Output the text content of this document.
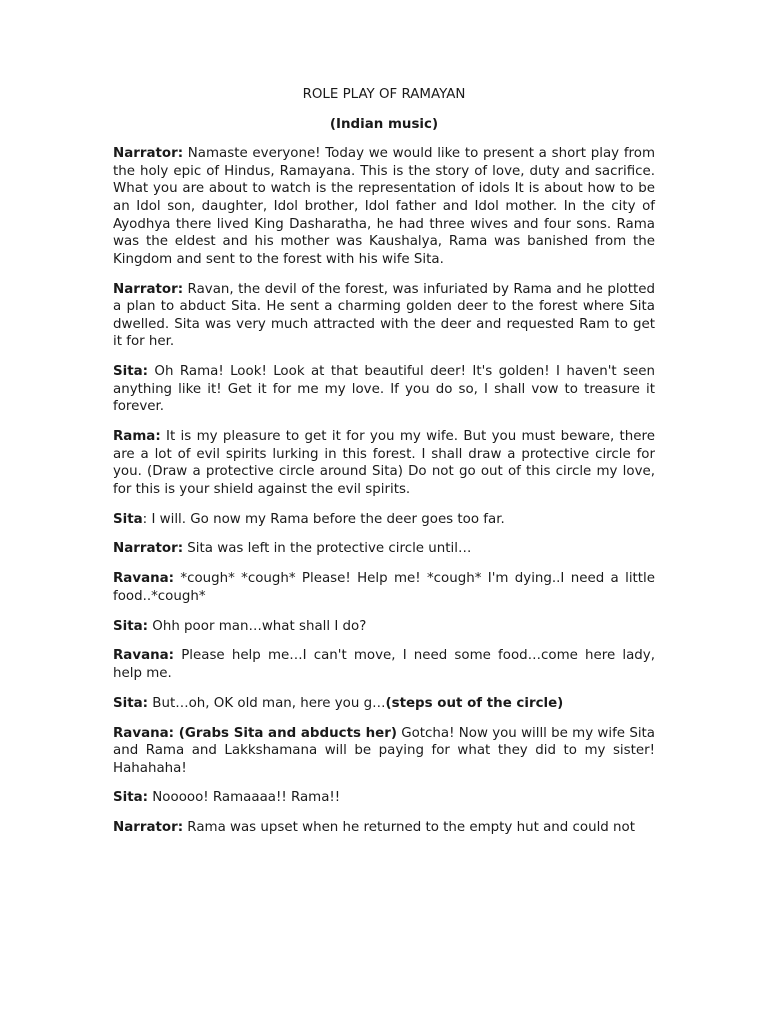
ROLE PLAY OF RAMAYAN
(Indian music)

Narrator: Namaste everyone! Today we would like to present a short play from the holy epic of Hindus, Ramayana. This is the story of love, duty and sacrifice. What you are about to watch is the representation of idols It is about how to be an Idol son, daughter, Idol brother, Idol father and Idol mother. In the city of Ayodhya there lived King Dasharatha, he had three wives and four sons. Rama was the eldest and his mother was Kaushalya, Rama was banished from the Kingdom and sent to the forest with his wife Sita.

Narrator: Ravan, the devil of the forest, was infuriated by Rama and he plotted a plan to abduct Sita. He sent a charming golden deer to the forest where Sita dwelled. Sita was very much attracted with the deer and requested Ram to get it for her.

Sita: Oh Rama! Look! Look at that beautiful deer! It's golden! I haven't seen anything like it! Get it for me my love. If you do so, I shall vow to treasure it forever.

Rama: It is my pleasure to get it for you my wife. But you must beware, there are a lot of evil spirits lurking in this forest. I shall draw a protective circle for you. (Draw a protective circle around Sita) Do not go out of this circle my love, for this is your shield against the evil spirits.

Sita: I will. Go now my Rama before the deer goes too far.

Narrator: Sita was left in the protective circle until…

Ravana: *cough* *cough* Please! Help me! *cough* I'm dying..I need a little food..*cough*

Sita: Ohh poor man…what shall I do?

Ravana: Please help me…I can't move, I need some food…come here lady, help me.

Sita: But…oh, OK old man, here you g…(steps out of the circle)

Ravana: (Grabs Sita and abducts her) Gotcha! Now you willl be my wife Sita and Rama and Lakkshamana will be paying for what they did to my sister! Hahahaha!

Sita: Nooooo! Ramaaaa!! Rama!!

Narrator: Rama was upset when he returned to the empty hut and could not
